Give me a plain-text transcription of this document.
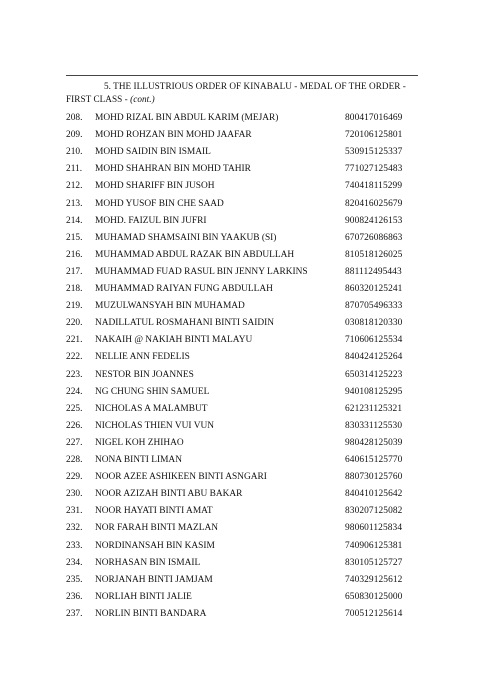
5. THE ILLUSTRIOUS ORDER OF KINABALU - MEDAL OF THE ORDER -
FIRST CLASS - (cont.)
208. MOHD RIZAL BIN ABDUL KARIM (MEJAR)	800417016469
209. MOHD ROHZAN BIN MOHD JAAFAR	720106125801
210. MOHD SAIDIN BIN ISMAIL	530915125337
211. MOHD SHAHRAN BIN MOHD TAHIR	771027125483
212. MOHD SHARIFF BIN JUSOH	740418115299
213. MOHD YUSOF BIN CHE SAAD	820416025679
214. MOHD. FAIZUL BIN JUFRI	900824126153
215. MUHAMAD SHAMSAINI BIN YAAKUB (SI)	670726086863
216. MUHAMMAD ABDUL RAZAK BIN ABDULLAH	810518126025
217. MUHAMMAD FUAD RASUL BIN JENNY LARKINS	881112495443
218. MUHAMMAD RAIYAN FUNG ABDULLAH	860320125241
219. MUZULWANSYAH BIN MUHAMAD	870705496333
220. NADILLATUL ROSMAHANI BINTI SAIDIN	030818120330
221. NAKAIH @ NAKIAH BINTI MALAYU	710606125534
222. NELLIE ANN FEDELIS	840424125264
223. NESTOR BIN JOANNES	650314125223
224. NG CHUNG SHIN SAMUEL	940108125295
225. NICHOLAS A MALAMBUT	621231125321
226. NICHOLAS THIEN VUI VUN	830331125530
227. NIGEL KOH ZHIHAO	980428125039
228. NONA BINTI LIMAN	640615125770
229. NOOR AZEE ASHIKEEN BINTI ASNGARI	880730125760
230. NOOR AZIZAH BINTI ABU BAKAR	840410125642
231. NOOR HAYATI BINTI AMAT	830207125082
232. NOR FARAH BINTI MAZLAN	980601125834
233. NORDINANSAH BIN KASIM	740906125381
234. NORHASAN BIN ISMAIL	830105125727
235. NORJANAH BINTI JAMJAM	740329125612
236. NORLIAH BINTI JALIE	650830125000
237. NORLIN BINTI BANDARA	700512125614
